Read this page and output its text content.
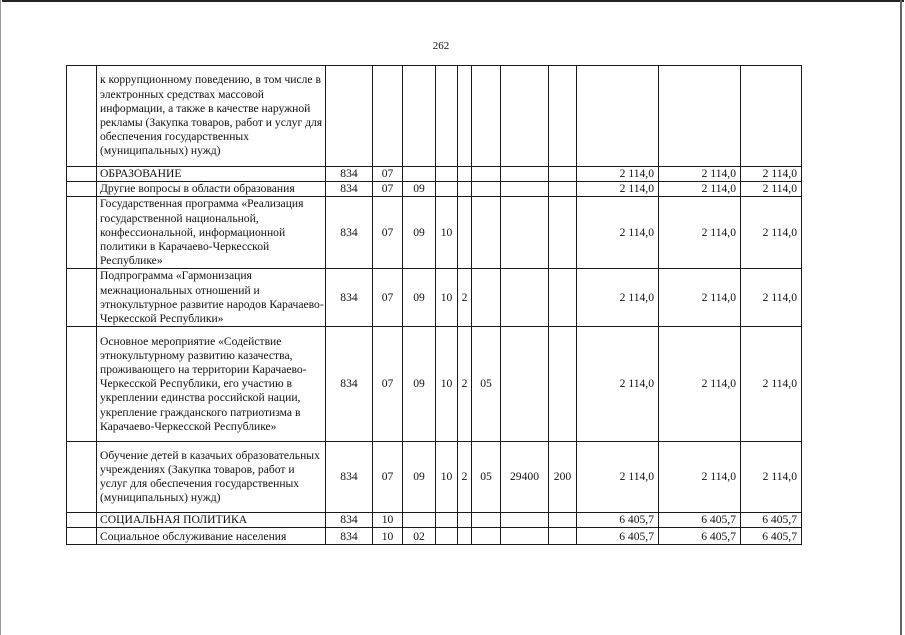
262
	к коррупционному поведению, в том числе в электронных средствах массовой информации, а также в качестве наружной рекламы (Закупка товаров, работ и услуг для обеспечения государственных (муниципальных) нужд)											
	ОБРАЗОВАНИЕ	834	07							2 114,0	2 114,0	2 114,0
	Другие вопросы в области образования	834	07	09						2 114,0	2 114,0	2 114,0
	Государственная программа «Реализация государственной национальной, конфессиональной, информационной политики в Карачаево-Черкесской Республике»	834	07	09	10					2 114,0	2 114,0	2 114,0
	Подпрограмма «Гармонизация межнациональных отношений и этнокультурное развитие народов Карачаево-Черкесской Республики»	834	07	09	10	2				2 114,0	2 114,0	2 114,0
	Основное мероприятие «Содействие этнокультурному развитию казачества, проживающего на территории Карачаево-Черкесской Республики, его участию в укреплении единства российской нации, укрепление гражданского патриотизма в Карачаево-Черкесской Республике»	834	07	09	10	2	05			2 114,0	2 114,0	2 114,0
	Обучение детей в казачьих образовательных учреждениях (Закупка товаров, работ и услуг для обеспечения государственных (муниципальных) нужд)	834	07	09	10	2	05	29400	200	2 114,0	2 114,0	2 114,0
	СОЦИАЛЬНАЯ ПОЛИТИКА	834	10							6 405,7	6 405,7	6 405,7
	Социальное обслуживание населения	834	10	02						6 405,7	6 405,7	6 405,7
